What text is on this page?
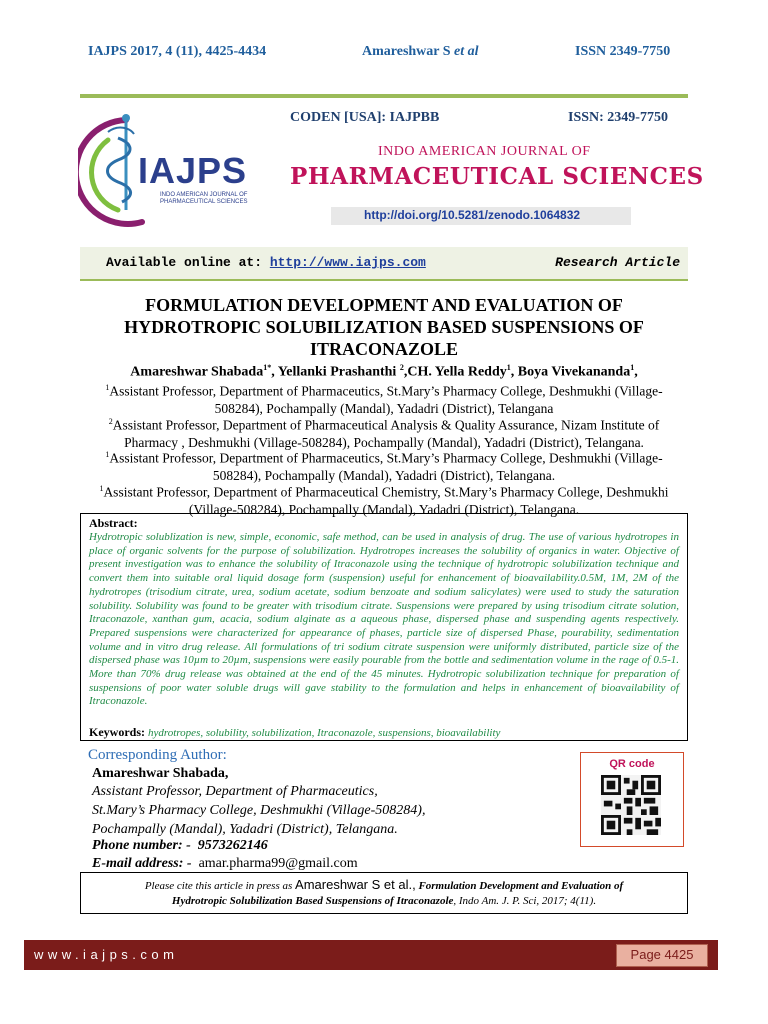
IAJPS 2017, 4 (11), 4425-4434	Amareshwar S et al	ISSN 2349-7750
IAJPS
INDO AMERICAN JOURNAL OF
PHARMACEUTICAL SCIENCES
CODEN [USA]: IAJPBB	ISSN: 2349-7750
INDO AMERICAN JOURNAL OF
PHARMACEUTICAL SCIENCES
http://doi.org/10.5281/zenodo.1064832
Available online at: http://www.iajps.com	Research Article
FORMULATION DEVELOPMENT AND EVALUATION OF
HYDROTROPIC SOLUBILIZATION BASED SUSPENSIONS OF
ITRACONAZOLE
Amareshwar Shabada$^{1*}$, Yellanki Prashanthi $^2$,CH. Yella Reddy$^1$, Boya Vivekananda$^1$,
$^1$Assistant Professor, Department of Pharmaceutics, St.Mary’s Pharmacy College, Deshmukhi (Village-
508284), Pochampally (Mandal), Yadadri (District), Telangana
$^2$Assistant Professor, Department of Pharmaceutical Analysis & Quality Assurance, Nizam Institute of
Pharmacy , Deshmukhi (Village-508284), Pochampally (Mandal), Yadadri (District), Telangana.
$^1$Assistant Professor, Department of Pharmaceutics, St.Mary’s Pharmacy College, Deshmukhi (Village-
508284), Pochampally (Mandal), Yadadri (District), Telangana.
$^1$Assistant Professor, Department of Pharmaceutical Chemistry, St.Mary’s Pharmacy College, Deshmukhi
(Village-508284), Pochampally (Mandal), Yadadri (District), Telangana.
Abstract:
Hydrotropic solublization is new, simple, economic, safe method, can be used in analysis of drug. The use of various hydrotropes in place of organic solvents for the purpose of solubilization. Hydrotropes increases the solubility of organics in water. Objective of present investigation was to enhance the solubility of Itraconazole using the technique of hydrotropic solubilization technique and convert them into suitable oral liquid dosage form (suspension) useful for enhancement of bioavailability.0.5M, 1M, 2M of the hydrotropes (trisodium citrate, urea, sodium acetate, sodium benzoate and sodium salicylates) were used to study the saturation solubility. Solubility was found to be greater with trisodium citrate. Suspensions were prepared by using trisodium citrate solution, Itraconazole, xanthan gum, acacia, sodium alginate as a aqueous phase, dispersed phase and suspending agents respectively. Prepared suspensions were characterized for appearance of phases, particle size of dispersed Phase, pourability, sedimentation volume and in vitro drug release. All formulations of tri sodium citrate suspension were uniformly distributed, particle size of the dispersed phase was 10µm to 20µm, suspensions were easily pourable from the bottle and sedimentation volume in the rage of 0.5-1. More than 70% drug release was obtained at the end of the 45 minutes. Hydrotropic solubilization technique for preparation of suspensions of poor water soluble drugs will gave stability to the formulation and helps in enhancement of bioavailability of Itraconazole.
Keywords: hydrotropes, solubility, solubilization, Itraconazole, suspensions, bioavailability
Corresponding Author:
Amareshwar Shabada,
Assistant Professor, Department of Pharmaceutics,
St.Mary’s Pharmacy College, Deshmukhi (Village-508284),
Pochampally (Mandal), Yadadri (District), Telangana.
Phone number: - 9573262146
E-mail address: - amar.pharma99@gmail.com
QR code
Please cite this article in press as Amareshwar S et al., Formulation Development and Evaluation of
Hydrotropic Solubilization Based Suspensions of Itraconazole, Indo Am. J. P. Sci, 2017; 4(11).
www.iajps.com	Page 4425
